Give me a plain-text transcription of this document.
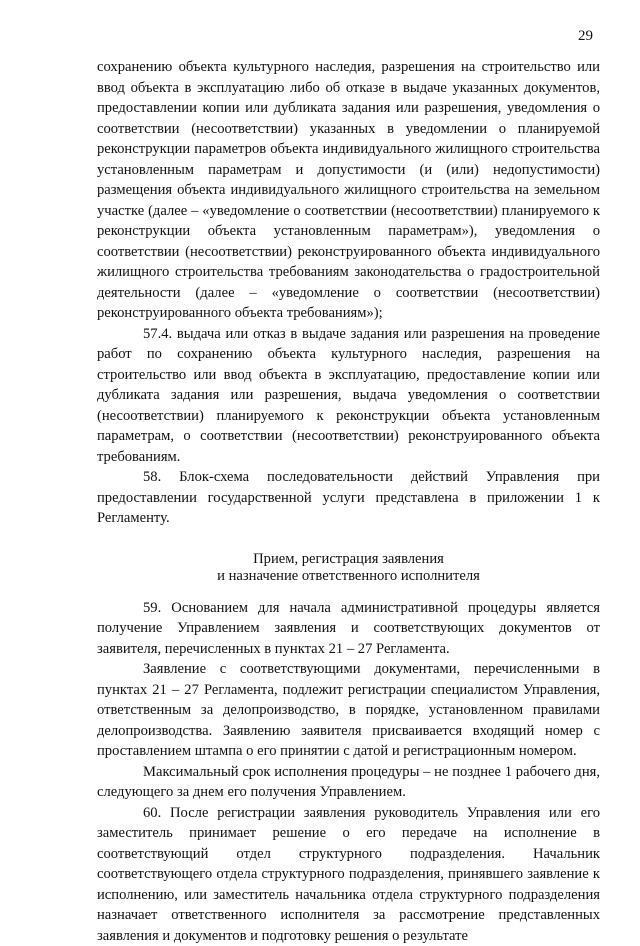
29

сохранению объекта культурного наследия, разрешения на строительство или ввод объекта в эксплуатацию либо об отказе в выдаче указанных документов, предоставлении копии или дубликата задания или разрешения, уведомления о соответствии (несоответствии) указанных в уведомлении о планируемой реконструкции параметров объекта индивидуального жилищного строительства установленным параметрам и допустимости (и (или) недопустимости) размещения объекта индивидуального жилищного строительства на земельном участке (далее – «уведомление о соответствии (несоответствии) планируемого к реконструкции объекта установленным параметрам»), уведомления о соответствии (несоответствии) реконструированного объекта индивидуального жилищного строительства требованиям законодательства о градостроительной деятельности (далее – «уведомление о соответствии (несоответствии) реконструированного объекта требованиям»);

57.4. выдача или отказ в выдаче задания или разрешения на проведение работ по сохранению объекта культурного наследия, разрешения на строительство или ввод объекта в эксплуатацию, предоставление копии или дубликата задания или разрешения, выдача уведомления о соответствии (несоответствии) планируемого к реконструкции объекта установленным параметрам, о соответствии (несоответствии) реконструированного объекта требованиям.

58. Блок-схема последовательности действий Управления при предоставлении государственной услуги представлена в приложении 1 к Регламенту.

Прием, регистрация заявления
и назначение ответственного исполнителя

59. Основанием для начала административной процедуры является получение Управлением заявления и соответствующих документов от заявителя, перечисленных в пунктах 21 – 27 Регламента.

Заявление с соответствующими документами, перечисленными в пунктах 21 – 27 Регламента, подлежит регистрации специалистом Управления, ответственным за делопроизводство, в порядке, установленном правилами делопроизводства. Заявлению заявителя присваивается входящий номер с проставлением штампа о его принятии с датой и регистрационным номером.

Максимальный срок исполнения процедуры – не позднее 1 рабочего дня, следующего за днем его получения Управлением.

60. После регистрации заявления руководитель Управления или его заместитель принимает решение о его передаче на исполнение в соответствующий отдел структурного подразделения. Начальник соответствующего отдела структурного подразделения, принявшего заявление к исполнению, или заместитель начальника отдела структурного подразделения назначает ответственного исполнителя за рассмотрение представленных заявления и документов и подготовку решения о результате
